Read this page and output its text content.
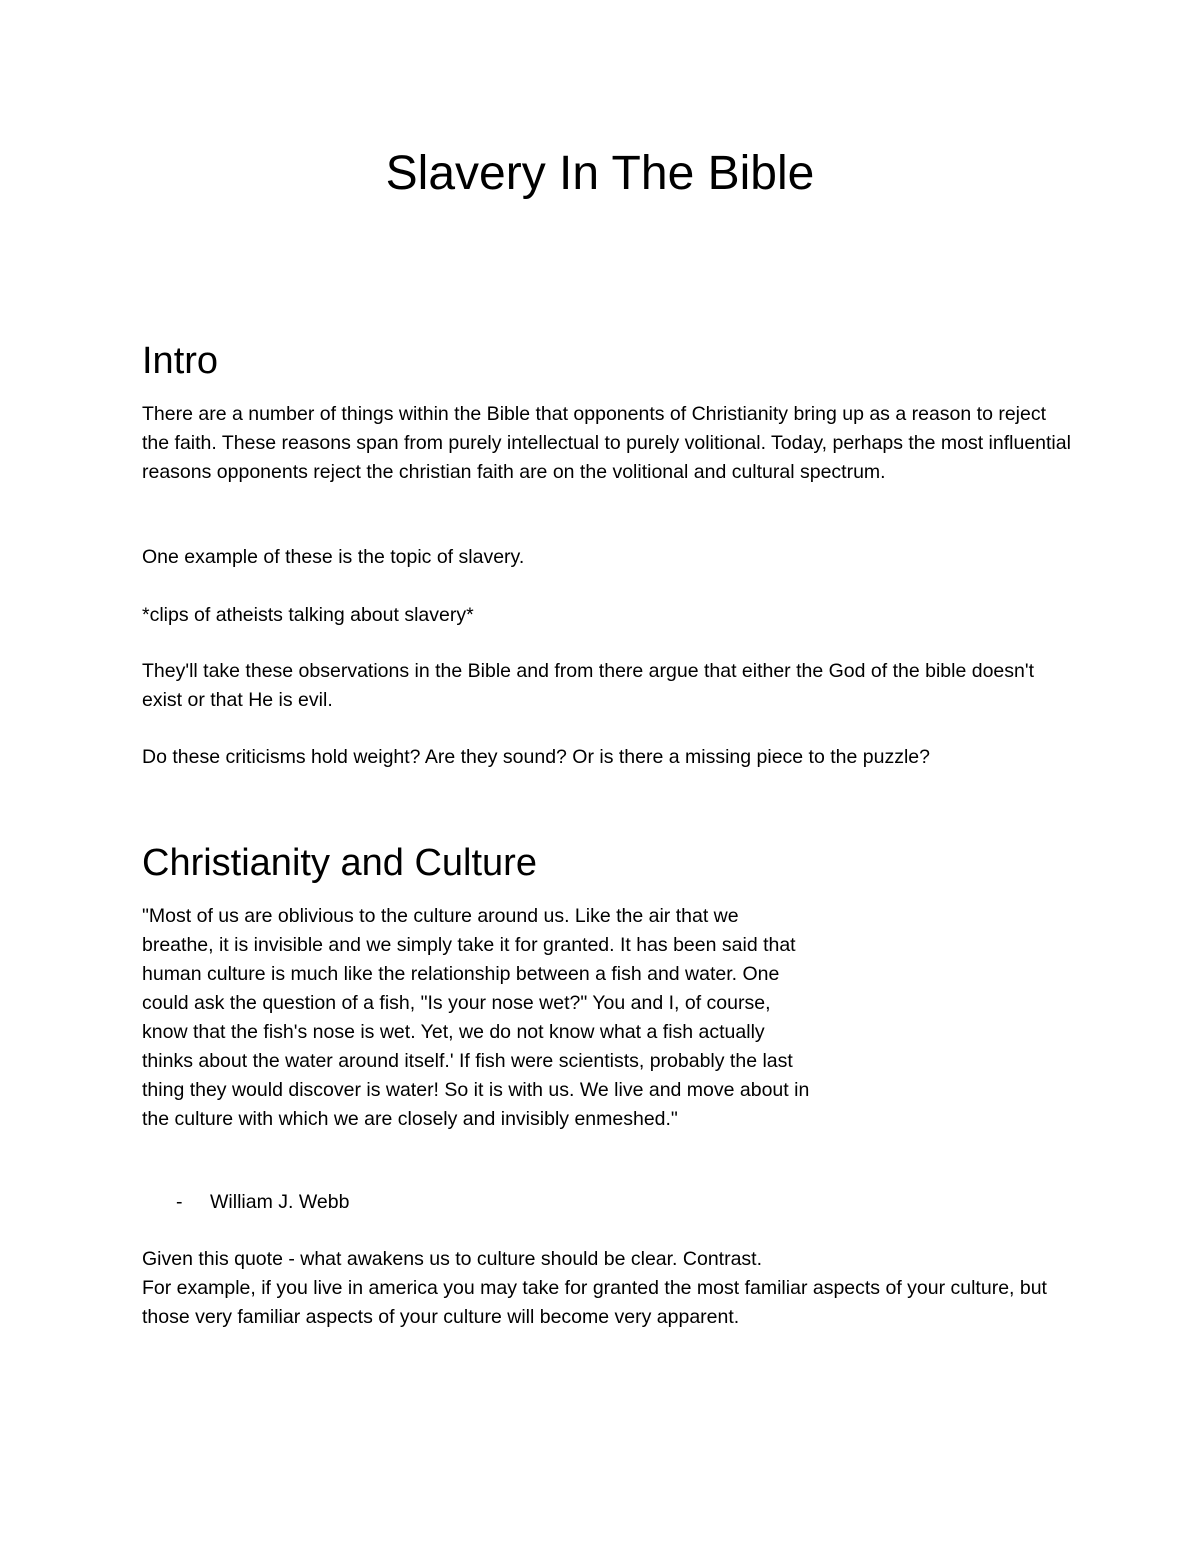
Slavery In The Bible
Intro

There are a number of things within the Bible that opponents of Christianity bring up as a reason to reject the faith. These reasons span from purely intellectual to purely volitional. Today, perhaps the most influential reasons opponents reject the christian faith are on the volitional and cultural spectrum.

One example of these is the topic of slavery.

*clips of atheists talking about slavery*

They'll take these observations in the Bible and from there argue that either the God of the bible doesn't exist or that He is evil.

Do these criticisms hold weight? Are they sound? Or is there a missing piece to the puzzle?

Christianity and Culture

"Most of us are oblivious to the culture around us. Like the air that we breathe, it is invisible and we simply take it for granted. It has been said that human culture is much like the relationship between a fish and water. One could ask the question of a fish, "Is your nose wet?" You and I, of course, know that the fish's nose is wet. Yet, we do not know what a fish actually thinks about the water around itself.' If fish were scientists, probably the last thing they would discover is water! So it is with us. We live and move about in the culture with which we are closely and invisibly enmeshed."

- William J. Webb

Given this quote - what awakens us to culture should be clear. Contrast.

For example, if you live in america you may take for granted the most familiar aspects of your culture, but those very familiar aspects of your culture will become very apparent.
